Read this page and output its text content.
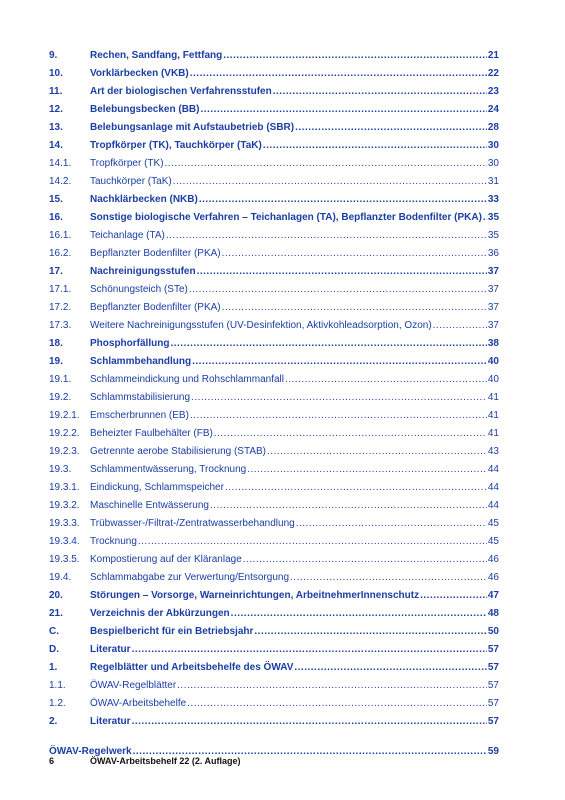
9.	Rechen, Sandfang, Fettfang .....	21
10.	Vorklärbecken (VKB) .....	22
11.	Art der biologischen Verfahrensstufen .....	23
12.	Belebungsbecken (BB) .....	24
13.	Belebungsanlage mit Aufstaubetrieb (SBR) .....	28
14.	Tropfkörper (TK), Tauchkörper (TaK) .....	30
14.1.	Tropfkörper (TK) .....	30
14.2.	Tauchkörper (TaK) .....	31
15.	Nachklärbecken (NKB) .....	33
16.	Sonstige biologische Verfahren – Teichanlagen (TA), Bepflanzter Bodenfilter (PKA) ..... 35
16.1.	Teichanlage (TA) .....	35
16.2.	Bepflanzter Bodenfilter (PKA) .....	36
17.	Nachreinigungsstufen .....	37
17.1.	Schönungsteich (STe) .....	37
17.2.	Bepflanzter Bodenfilter (PKA) .....	37
17.3.	Weitere Nachreinigungsstufen (UV-Desinfektion, Aktivkohleadsorption, Ozon) .....	37
18.	Phosphorfällung .....	38
19.	Schlammbehandlung .....	40
19.1.	Schlammeindickung und Rohschlammanfall .....	40
19.2.	Schlammstabilisierung .....	41
19.2.1.	Emscherbrunnen (EB) .....	41
19.2.2.	Beheizter Faulbehälter (FB) .....	41
19.2.3.	Getrennte aerobe Stabilisierung (STAB) .....	43
19.3.	Schlammentwässerung, Trocknung .....	44
19.3.1.	Eindickung, Schlammspeicher .....	44
19.3.2.	Maschinelle Entwässerung .....	44
19.3.3.	Trübwasser-/Filtrat-/Zentratwasserbehandlung .....	45
19.3.4.	Trocknung .....	45
19.3.5.	Kompostierung auf der Kläranlage .....	46
19.4.	Schlammabgabe zur Verwertung/Entsorgung .....	46
20.	Störungen – Vorsorge, Warneinrichtungen, ArbeitnehmerInnenschutz .....	47
21.	Verzeichnis der Abkürzungen .....	48
C.	Bespielbericht für ein Betriebsjahr .....	50
D.	Literatur .....	57
1.	Regelblätter und Arbeitsbehelfe des ÖWAV .....	57
1.1.	ÖWAV-Regelblätter .....	57
1.2.	ÖWAV-Arbeitsbehelfe .....	57
2.	Literatur .....	57
ÖWAV-Regelwerk .....	59
6	ÖWAV-Arbeitsbehelf 22 (2. Auflage)
